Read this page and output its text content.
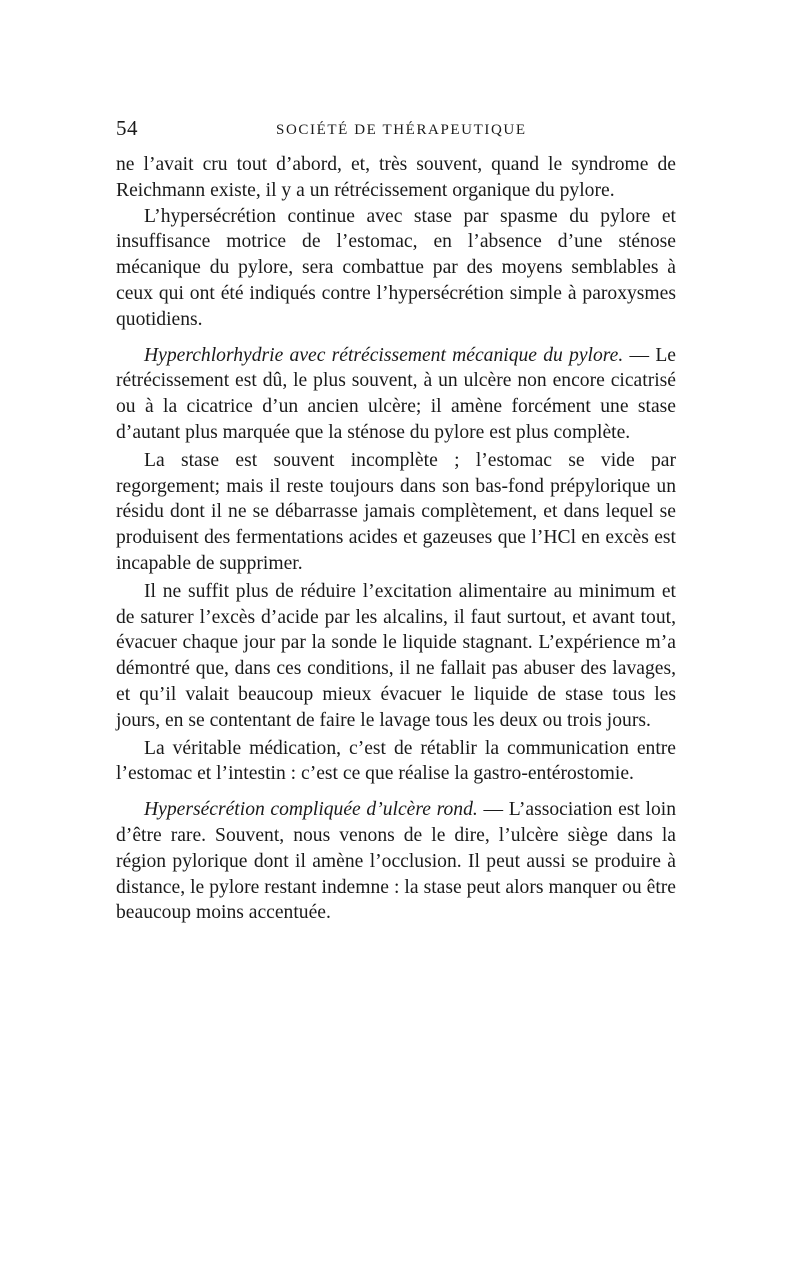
54	SOCIÉTÉ DE THÉRAPEUTIQUE

ne l’avait cru tout d’abord, et, très souvent, quand le syndrome de Reichmann existe, il y a un rétrécissement organique du pylore.

L’hypersécrétion continue avec stase par spasme du pylore et insuffisance motrice de l’estomac, en l’absence d’une sténose mécanique du pylore, sera combattue par des moyens semblables à ceux qui ont été indiqués contre l’hypersécrétion simple à paroxysmes quotidiens.

Hyperchlorhydrie avec rétrécissement mécanique du pylore. — Le rétrécissement est dû, le plus souvent, à un ulcère non encore cicatrisé ou à la cicatrice d’un ancien ulcère; il amène forcément une stase d’autant plus marquée que la sténose du pylore est plus complète.

La stase est souvent incomplète ; l’estomac se vide par regorgement; mais il reste toujours dans son bas-fond prépylorique un résidu dont il ne se débarrasse jamais complètement, et dans lequel se produisent des fermentations acides et gazeuses que l’HCl en excès est incapable de supprimer.

Il ne suffit plus de réduire l’excitation alimentaire au minimum et de saturer l’excès d’acide par les alcalins, il faut surtout, et avant tout, évacuer chaque jour par la sonde le liquide stagnant. L’expérience m’a démontré que, dans ces conditions, il ne fallait pas abuser des lavages, et qu’il valait beaucoup mieux évacuer le liquide de stase tous les jours, en se contentant de faire le lavage tous les deux ou trois jours.

La véritable médication, c’est de rétablir la communication entre l’estomac et l’intestin : c’est ce que réalise la gastro-entérostomie.

Hypersécrétion compliquée d’ulcère rond. — L’association est loin d’être rare. Souvent, nous venons de le dire, l’ulcère siège dans la région pylorique dont il amène l’occlusion. Il peut aussi se produire à distance, le pylore restant indemne : la stase peut alors manquer ou être beaucoup moins accentuée.
